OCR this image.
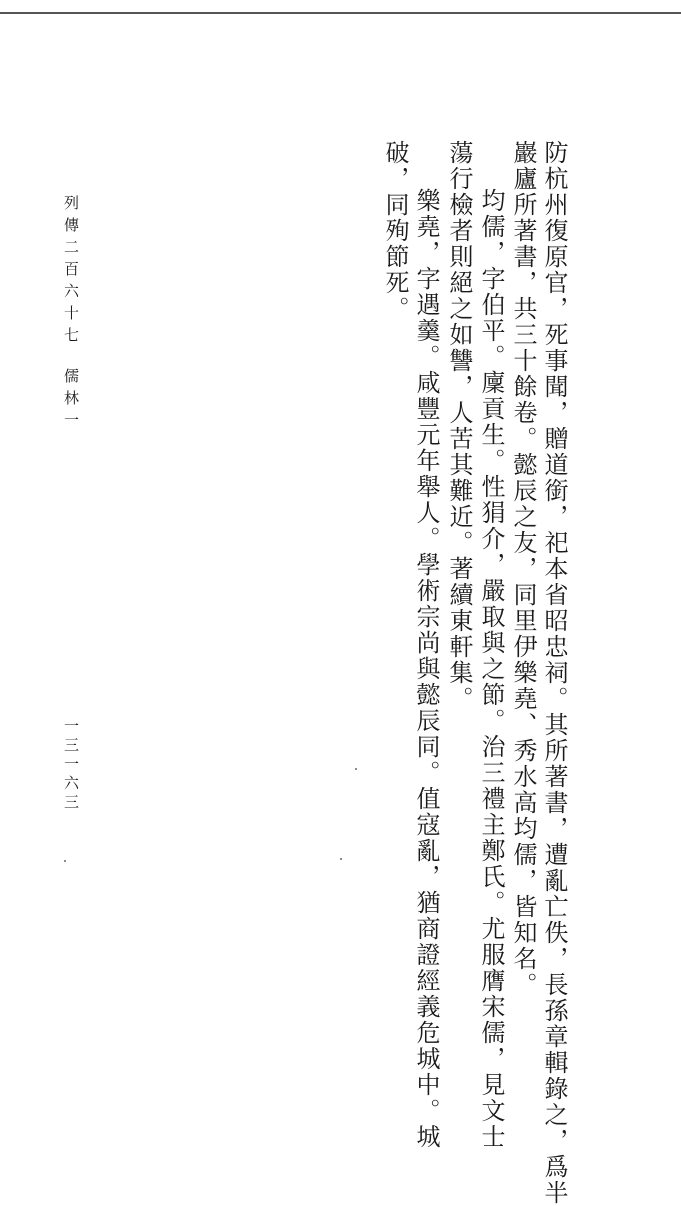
防杭州復原官，死事聞，贈道銜，祀本省昭忠祠。其所著書，遭亂亡佚，長孫章輯錄之，爲半
巖廬所著書，共三十餘卷。懿辰之友，同里伊樂堯、秀水高均儒，皆知名。
均儒，字伯平。廩貢生。性狷介，嚴取與之節。治三禮主鄭氏。尤服膺宋儒，見文士
蕩行檢者則絕之如讐，人苦其難近。著續東軒集。
樂堯，字遇羹。咸豐元年舉人。學術宗尚與懿辰同。值寇亂，猶商證經義危城中。城
破，同殉節死。
列傳二百六十七
儒林一
一三一六三
